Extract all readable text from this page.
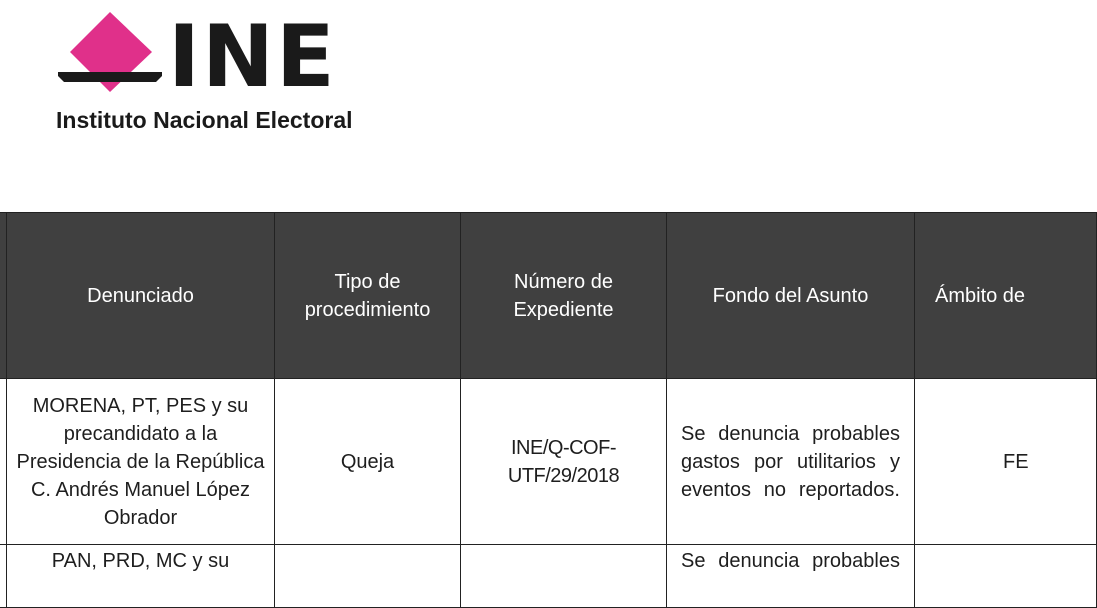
INE
Instituto Nacional Electoral
	Denunciado	Tipo de procedimiento	Número de Expediente	Fondo del Asunto	Ámbito de
	MORENA, PT, PES y su precandidato a la Presidencia de la República C. Andrés Manuel López Obrador	Queja	INE/Q-COF-UTF/29/2018	Se denuncia probables gastos por utilitarios y eventos no reportados.	FE
	PAN, PRD, MC y su			Se denuncia probables	
